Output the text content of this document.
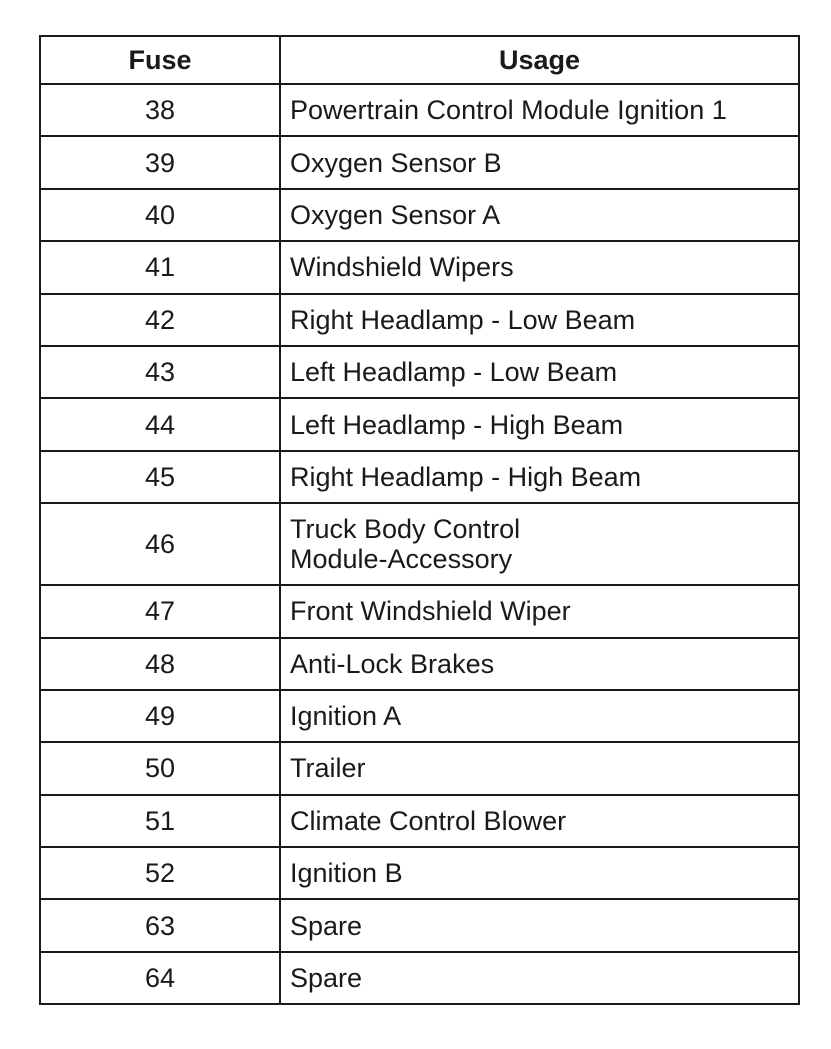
Fuse	Usage
38	Powertrain Control Module Ignition 1
39	Oxygen Sensor B
40	Oxygen Sensor A
41	Windshield Wipers
42	Right Headlamp - Low Beam
43	Left Headlamp - Low Beam
44	Left Headlamp - High Beam
45	Right Headlamp - High Beam
46	Truck Body Control
Module-Accessory
47	Front Windshield Wiper
48	Anti-Lock Brakes
49	Ignition A
50	Trailer
51	Climate Control Blower
52	Ignition B
63	Spare
64	Spare
